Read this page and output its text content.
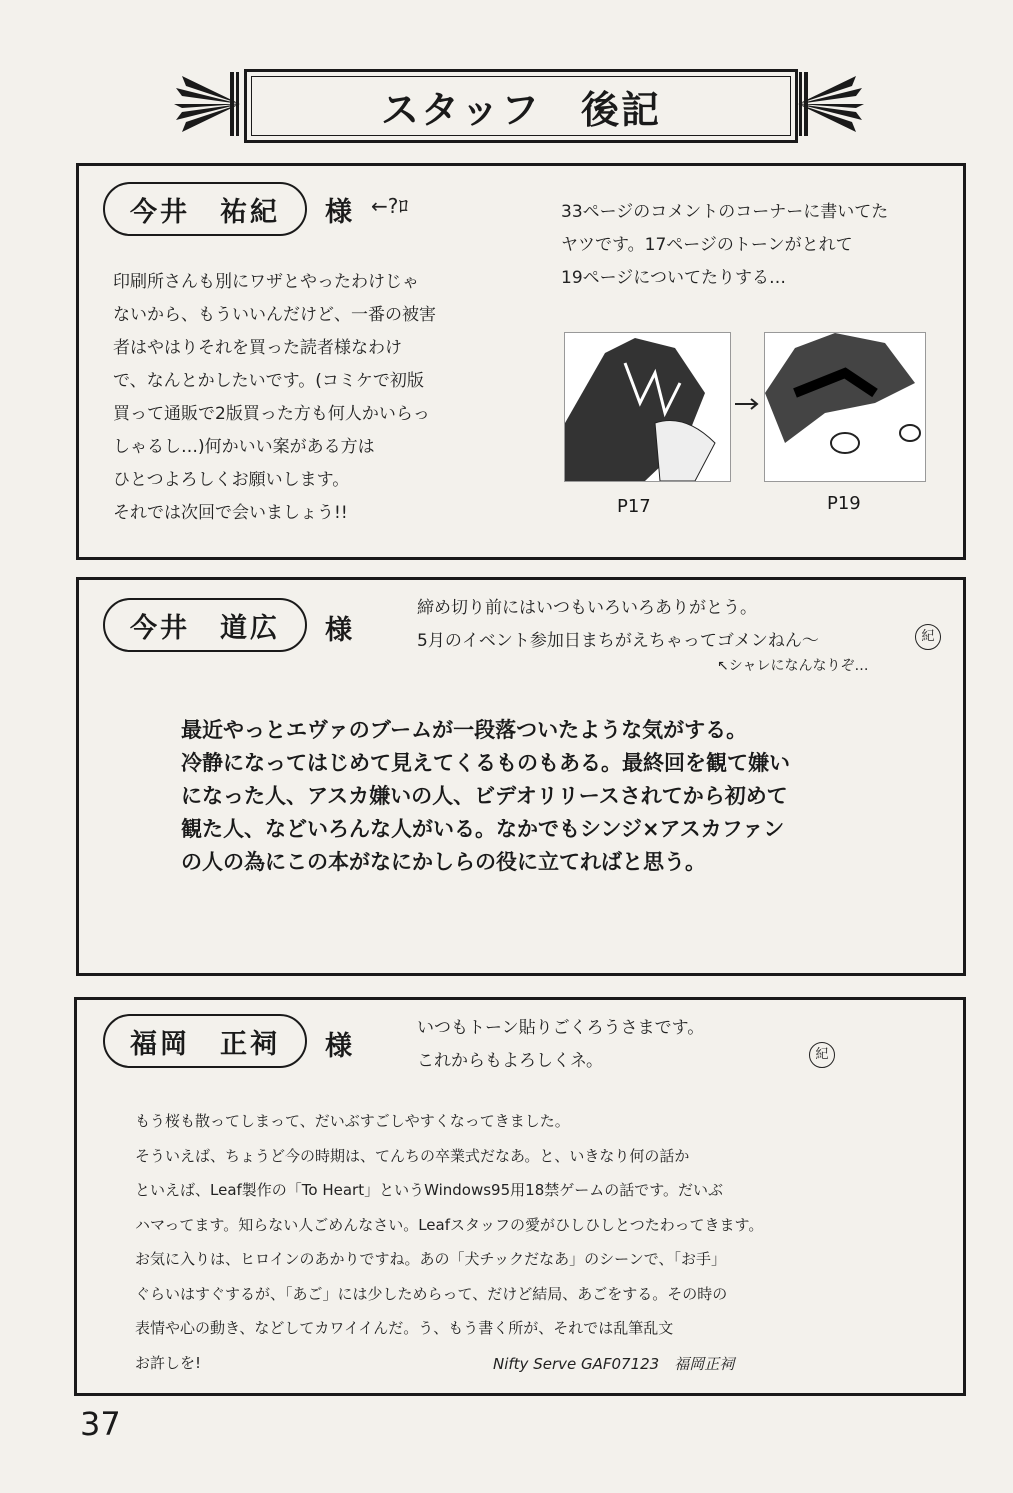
スタッフ　後記
今井　祐紀	様 ←?ﾛ	33ページのコメントのコーナーに書いてた
ヤツです。17ページのトーンがとれて
19ページについてたりする…
印刷所さんも別にワザとやったわけじゃ
ないから、もういいんだけど、一番の被害
者はやはりそれを買った読者様なわけ
で、なんとかしたいです。(コミケで初版
買って通販で2版買った方も何人かいらっ
しゃるし…)何かいい案がある方は
ひとつよろしくお願いします。
それでは次回で会いましょう!!	P17	P19
今井　道広	様
締め切り前にはいつもいろいろありがとう。
5月のイベント参加日まちがえちゃってゴメンねん〜
↖シャレになんなりぞ…
紀
最近やっとエヴァのブームが一段落ついたような気がする。
冷静になってはじめて見えてくるものもある。最終回を観て嫌い
になった人、アスカ嫌いの人、ビデオリリースされてから初めて
観た人、などいろんな人がいる。なかでもシンジ×アスカファン
の人の為にこの本がなにかしらの役に立てればと思う。
福岡　正祠	様
いつもトーン貼りごくろうさまです。
これからもよろしくネ。	紀
もう桜も散ってしまって、だいぶすごしやすくなってきました。
そういえば、ちょうど今の時期は、てんちの卒業式だなあ。と、いきなり何の話か
といえば、Leaf製作の「To Heart」というWindows95用18禁ゲームの話です。だいぶ
ハマってます。知らない人ごめんなさい。Leafスタッフの愛がひしひしとつたわってきます。
お気に入りは、ヒロインのあかりですね。あの「犬チックだなあ」のシーンで、「お手」
ぐらいはすぐするが、「あご」には少しためらって、だけど結局、あごをする。その時の
表情や心の動き、などしてカワイイんだ。う、もう書く所が、それでは乱筆乱文
お許しを!	Nifty Serve GAF07123　福岡正祠
37
